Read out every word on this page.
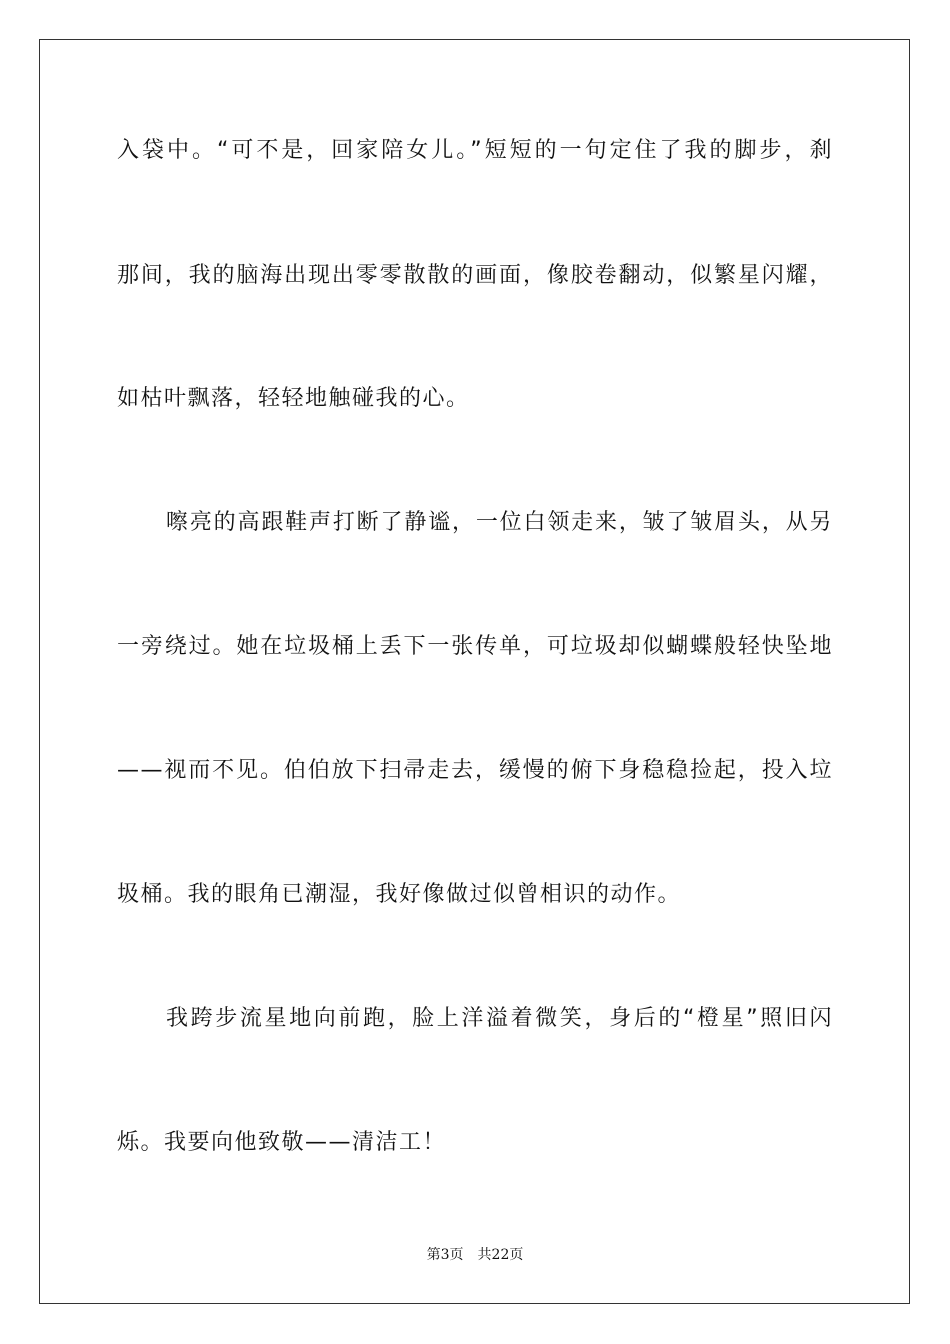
入袋中。“可不是，回家陪女儿。”短短的一句定住了我的脚步，刹
那间，我的脑海出现出零零散散的画面，像胶卷翻动，似繁星闪耀，
如枯叶飘落，轻轻地触碰我的心。
嚓亮的高跟鞋声打断了静谧，一位白领走来，皱了皱眉头，从另
一旁绕过。她在垃圾桶上丢下一张传单，可垃圾却似蝴蝶般轻快坠地
——视而不见。伯伯放下扫帚走去，缓慢的俯下身稳稳捡起，投入垃
圾桶。我的眼角已潮湿，我好像做过似曾相识的动作。
我跨步流星地向前跑，脸上洋溢着微笑，身后的“橙星”照旧闪
烁。我要向他致敬——清洁工！
第3页 共22页
